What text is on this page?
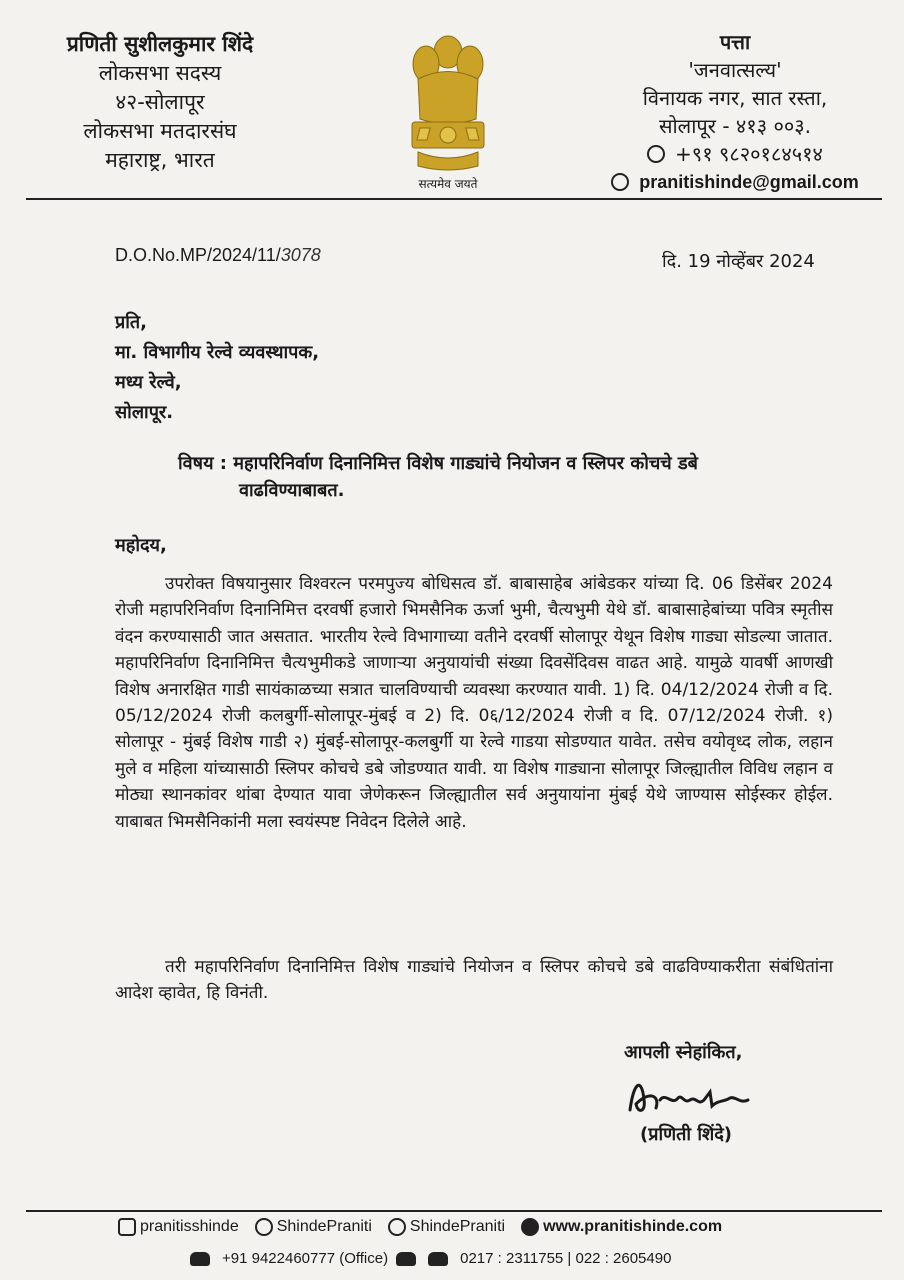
प्रणिती सुशीलकुमार शिंदे
लोकसभा सदस्य
४२-सोलापूर
लोकसभा मतदारसंघ
महाराष्ट्र, भारत
सत्यमेव जयते
पत्ता
'जनवात्सल्य'
विनायक नगर, सात रस्ता,
सोलापूर - ४१३ ००३.
+९१ ९८२०१८४५१४
pranitishinde@gmail.com
D.O.No.MP/2024/11/3078	दि. 19 नोव्हेंबर 2024
प्रति,
मा. विभागीय रेल्वे व्यवस्थापक,
मध्य रेल्वे,
सोलापूर.
विषय : महापरिनिर्वाण दिनानिमित्त विशेष गाड्यांचे नियोजन व स्लिपर कोचचे डबे
वाढविण्याबाबत.
महोदय,
उपरोक्त विषयानुसार विश्वरत्न परमपुज्य बोधिसत्व डॉ. बाबासाहेब आंबेडकर यांच्या दि. 06 डिसेंबर 2024 रोजी महापरिनिर्वाण दिनानिमित्त दरवर्षी हजारो भिमसैनिक ऊर्जा भुमी, चैत्यभुमी येथे डॉ. बाबासाहेबांच्या पवित्र स्मृतीस वंदन करण्यासाठी जात असतात. भारतीय रेल्वे विभागाच्या वतीने दरवर्षी सोलापूर येथून विशेष गाड्या सोडल्या जातात. महापरिनिर्वाण दिनानिमित्त चैत्यभुमीकडे जाणाऱ्या अनुयायांची संख्या दिवसेंदिवस वाढत आहे. यामुळे यावर्षी आणखी विशेष अनारक्षित गाडी सायंकाळच्या सत्रात चालविण्याची व्यवस्था करण्यात यावी. 1) दि. 04/12/2024 रोजी व दि. 05/12/2024 रोजी कलबुर्गी-सोलापूर-मुंबई व 2) दि. 0६/12/2024 रोजी व दि. 07/12/2024 रोजी. १) सोलापूर - मुंबई विशेष गाडी २) मुंबई-सोलापूर-कलबुर्गी या रेल्वे गाडया सोडण्यात यावेत. तसेच वयोवृध्द लोक, लहान मुले व महिला यांच्यासाठी स्लिपर कोचचे डबे जोडण्यात यावी. या विशेष गाड्याना सोलापूर जिल्ह्यातील विविध लहान व मोठ्या स्थानकांवर थांबा देण्यात यावा जेणेकरून जिल्ह्यातील सर्व अनुयायांना मुंबई येथे जाण्यास सोईस्कर होईल. याबाबत भिमसैनिकांनी मला स्वयंस्पष्ट निवेदन दिलेले आहे.
तरी महापरिनिर्वाण दिनानिमित्त विशेष गाड्यांचे नियोजन व स्लिपर कोचचे डबे वाढविण्याकरीता संबंधितांना आदेश व्हावेत, हि विनंती.
आपली स्नेहांकित,
(प्रणिती शिंदे)
pranitisshinde	ShindePraniti	ShindePraniti	www.pranitishinde.com
+91 9422460777 (Office)	0217 : 2311755 | 022 : 2605490
